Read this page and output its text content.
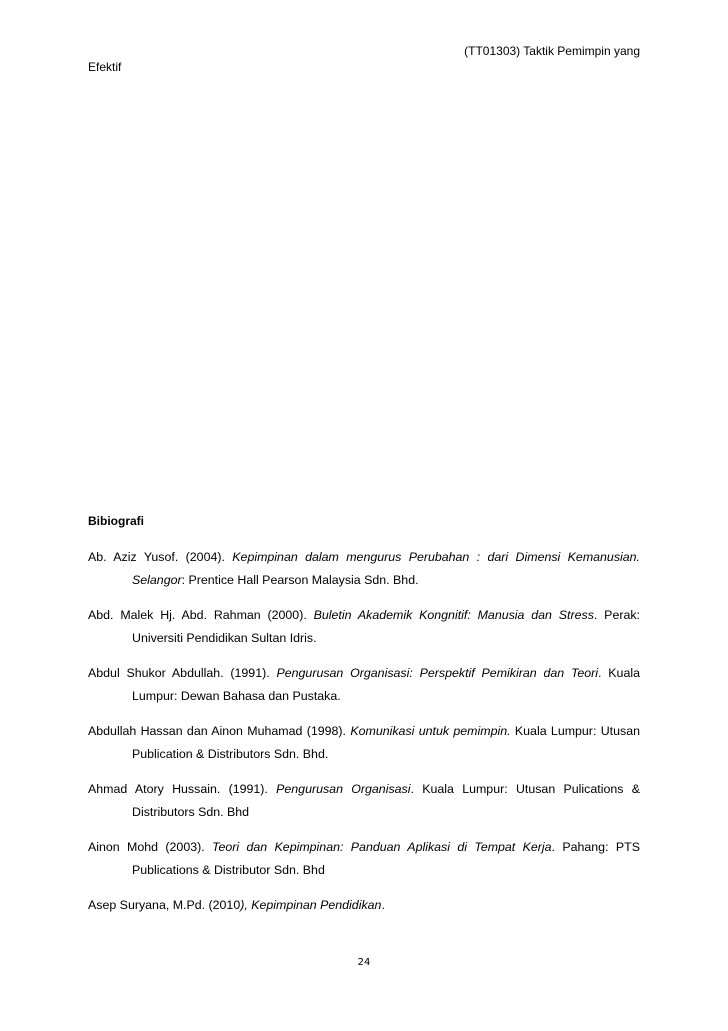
(TT01303) Taktik Pemimpin yang
Efektif
Bibiografi

Ab. Aziz Yusof. (2004). Kepimpinan dalam mengurus Perubahan : dari Dimensi Kemanusian. Selangor: Prentice Hall Pearson Malaysia Sdn. Bhd.

Abd. Malek Hj. Abd. Rahman (2000). Buletin Akademik Kongnitif: Manusia dan Stress. Perak: Universiti Pendidikan Sultan Idris.

Abdul Shukor Abdullah. (1991). Pengurusan Organisasi: Perspektif Pemikiran dan Teori. Kuala Lumpur: Dewan Bahasa dan Pustaka.

Abdullah Hassan dan Ainon Muhamad (1998). Komunikasi untuk pemimpin. Kuala Lumpur: Utusan Publication & Distributors Sdn. Bhd.

Ahmad Atory Hussain. (1991). Pengurusan Organisasi. Kuala Lumpur: Utusan Pulications & Distributors Sdn. Bhd

Ainon Mohd (2003). Teori dan Kepimpinan: Panduan Aplikasi di Tempat Kerja. Pahang: PTS Publications & Distributor Sdn. Bhd

Asep Suryana, M.Pd. (2010), Kepimpinan Pendidikan.

24
